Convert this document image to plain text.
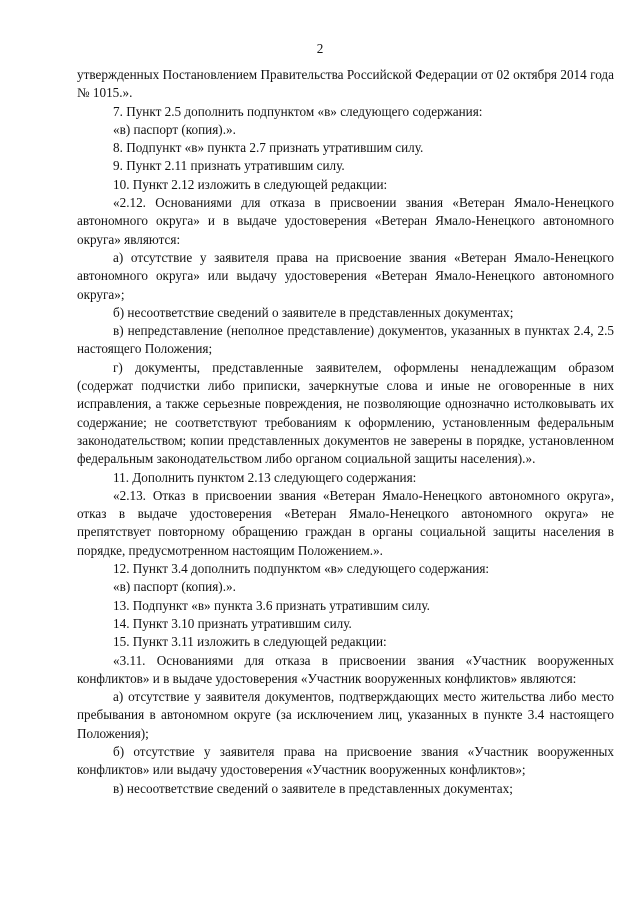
2

утвержденных Постановлением Правительства Российской Федерации от 02 октября 2014 года № 1015.».

7. Пункт 2.5 дополнить подпунктом «в» следующего содержания:

«в) паспорт (копия).».

8. Подпункт «в» пункта 2.7 признать утратившим силу.

9. Пункт 2.11 признать утратившим силу.

10. Пункт 2.12 изложить в следующей редакции:

«2.12. Основаниями для отказа в присвоении звания «Ветеран Ямало-Ненецкого автономного округа» и в выдаче удостоверения «Ветеран Ямало-Ненецкого автономного округа» являются:

а) отсутствие у заявителя права на присвоение звания «Ветеран Ямало-Ненецкого автономного округа» или выдачу удостоверения «Ветеран Ямало-Ненецкого автономного округа»;

б) несоответствие сведений о заявителе в представленных документах;

в) непредставление (неполное представление) документов, указанных в пунктах 2.4, 2.5 настоящего Положения;

г) документы, представленные заявителем, оформлены ненадлежащим образом (содержат подчистки либо приписки, зачеркнутые слова и иные не оговоренные в них исправления, а также серьезные повреждения, не позволяющие однозначно истолковывать их содержание; не соответствуют требованиям к оформлению, установленным федеральным законодательством; копии представленных документов не заверены в порядке, установленном федеральным законодательством либо органом социальной защиты населения).».

11. Дополнить пунктом 2.13 следующего содержания:

«2.13. Отказ в присвоении звания «Ветеран Ямало-Ненецкого автономного округа», отказ в выдаче удостоверения «Ветеран Ямало-Ненецкого автономного округа» не препятствует повторному обращению граждан в органы социальной защиты населения в порядке, предусмотренном настоящим Положением.».

12. Пункт 3.4 дополнить подпунктом «в» следующего содержания:

«в) паспорт (копия).».

13. Подпункт «в» пункта 3.6 признать утратившим силу.

14. Пункт 3.10 признать утратившим силу.

15. Пункт 3.11 изложить в следующей редакции:

«3.11. Основаниями для отказа в присвоении звания «Участник вооруженных конфликтов» и в выдаче удостоверения «Участник вооруженных конфликтов» являются:

а) отсутствие у заявителя документов, подтверждающих место жительства либо место пребывания в автономном округе (за исключением лиц, указанных в пункте 3.4 настоящего Положения);

б) отсутствие у заявителя права на присвоение звания «Участник вооруженных конфликтов» или выдачу удостоверения «Участник вооруженных конфликтов»;

в) несоответствие сведений о заявителе в представленных документах;
